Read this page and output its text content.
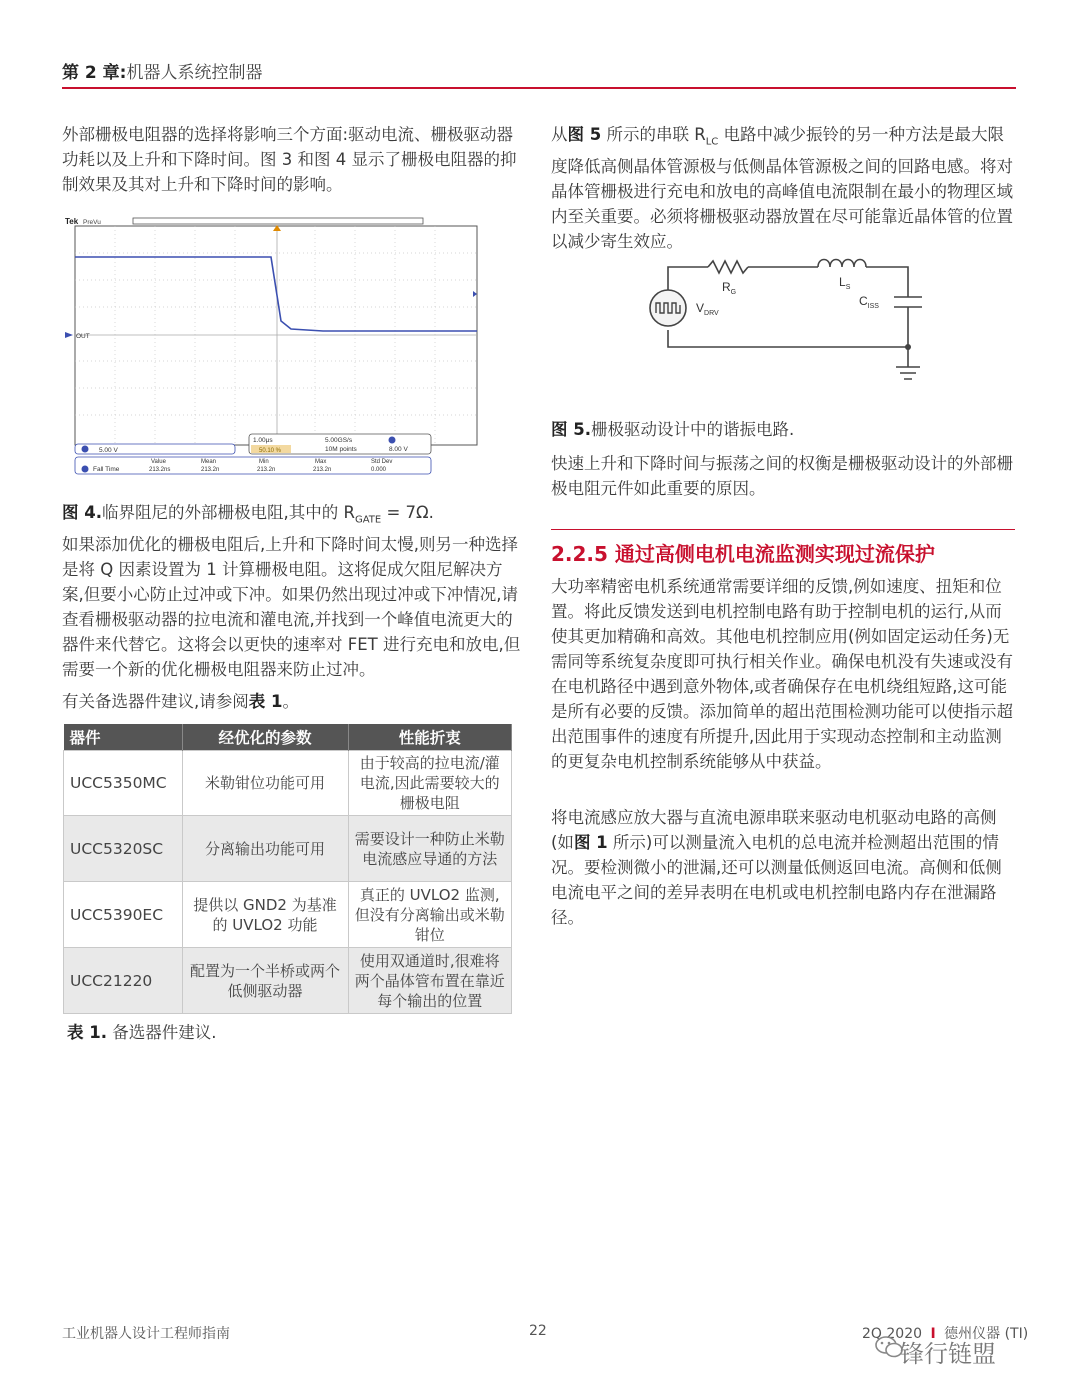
第 2 章:机器人系统控制器

外部栅极电阻器的选择将影响三个方面:驱动电流、栅极驱动器功耗以及上升和下降时间。图 3 和图 4 显示了栅极电阻器的抑制效果及其对上升和下降时间的影响。

Tek PreVu
OUT
5.00 V
1.00μs
50.10 %
5.00GS/s
10M points	8.00 V
Value	Mean	Min	Max	Std Dev
Fall Time	213.2ns	213.2n	213.2n	213.2n	0.000
图 4.临界阻尼的外部栅极电阻,其中的 $R_{GATE} = 7\Omega$.

如果添加优化的栅极电阻后,上升和下降时间太慢,则另一种选择是将 Q 因素设置为 1 计算栅极电阻。这将促成欠阻尼解决方案,但要小心防止过冲或下冲。如果仍然出现过冲或下冲情况,请查看栅极驱动器的拉电流和灌电流,并找到一个峰值电流更大的器件来代替它。这将会以更快的速率对 FET 进行充电和放电,但需要一个新的优化栅极电阻器来防止过冲。

有关备选器件建议,请参阅表 1。

器件	经优化的参数	性能折衷
UCC5350MC	米勒钳位功能可用	由于较高的拉电流/灌电流,因此需要较大的栅极电阻
UCC5320SC	分离输出功能可用	需要设计一种防止米勒电流感应导通的方法
UCC5390EC	提供以 GND2 为基准的 UVLO2 功能	真正的 UVLO2 监测,但没有分离输出或米勒钳位
UCC21220	配置为一个半桥或两个低侧驱动器	使用双通道时,很难将两个晶体管布置在靠近每个输出的位置
表 1. 备选器件建议.

从图 5 所示的串联 $R_{LC}$ 电路中减少振铃的另一种方法是最大限度降低高侧晶体管源极与低侧晶体管源极之间的回路电感。将对晶体管栅极进行充电和放电的高峰值电流限制在最小的物理区域内至关重要。必须将栅极驱动器放置在尽可能靠近晶体管的位置以减少寄生效应。

$R_G$
$L_S$
$C_{ISS}$
$V_{DRV}$
图 5.栅极驱动设计中的谐振电路.

快速上升和下降时间与振荡之间的权衡是栅极驱动设计的外部栅极电阻元件如此重要的原因。

2.2.5 通过高侧电机电流监测实现过流保护

大功率精密电机系统通常需要详细的反馈,例如速度、扭矩和位置。将此反馈发送到电机控制电路有助于控制电机的运行,从而使其更加精确和高效。其他电机控制应用(例如固定运动任务)无需同等系统复杂度即可执行相关作业。确保电机没有失速或没有在电机路径中遇到意外物体,或者确保存在电机绕组短路,这可能是所有必要的反馈。添加简单的超出范围检测功能可以使指示超出范围事件的速度有所提升,因此用于实现动态控制和主动监测的更复杂电机控制系统能够从中获益。

将电流感应放大器与直流电源串联来驱动电机驱动电路的高侧(如图 1 所示)可以测量流入电机的总电流并检测超出范围的情况。要检测微小的泄漏,还可以测量低侧返回电流。高侧和低侧电流电平之间的差异表明在电机或电机控制电路内存在泄漏路径。

工业机器人设计工程师指南	22	2Q 2020 I 德州仪器 (TI)
锋行链盟
